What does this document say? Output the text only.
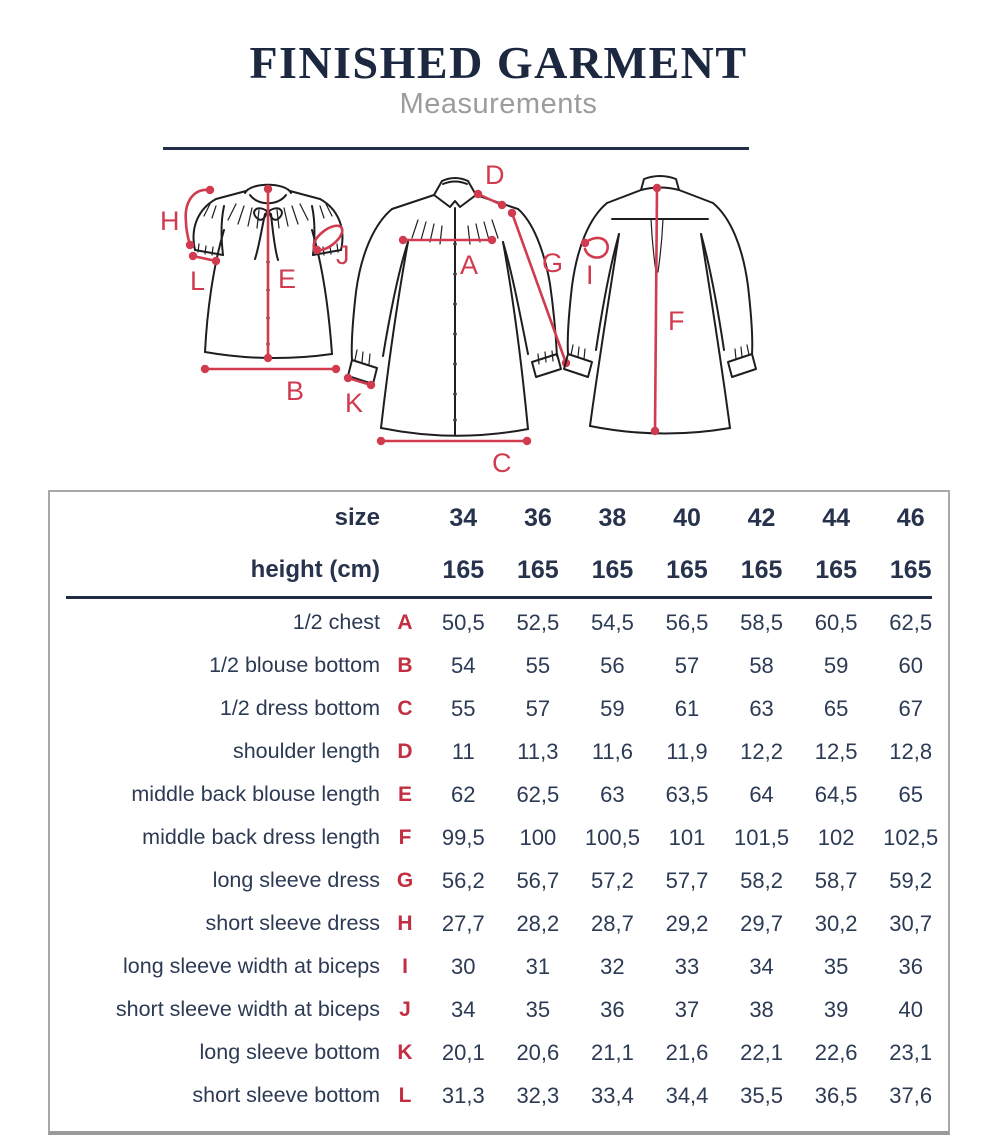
FINISHED GARMENT
Measurements
H
L	E
J
B
D
A G
K
C
I
F
size	34	36	38	40	42	44	46
height (cm)	165	165	165	165	165	165	165
1/2 chest A	50,5	52,5	54,5	56,5	58,5	60,5	62,5
1/2 blouse bottom B	54	55	56	57	58	59	60
1/2 dress bottom C	55	57	59	61	63	65	67
shoulder length D	11	11,3	11,6	11,9	12,2	12,5	12,8
middle back blouse length E	62	62,5	63	63,5	64	64,5	65
middle back dress length F	99,5	100	100,5	101	101,5	102	102,5
long sleeve dress G	56,2	56,7	57,2	57,7	58,2	58,7	59,2
short sleeve dress H	27,7	28,2	28,7	29,2	29,7	30,2	30,7
long sleeve width at biceps	I	30	31	32	33	34	35	36
short sleeve width at biceps J	34	35	36	37	38	39	40
long sleeve bottom K	20,1	20,6	21,1	21,6	22,1	22,6	23,1
short sleeve bottom L	31,3	32,3	33,4	34,4	35,5	36,5	37,6
